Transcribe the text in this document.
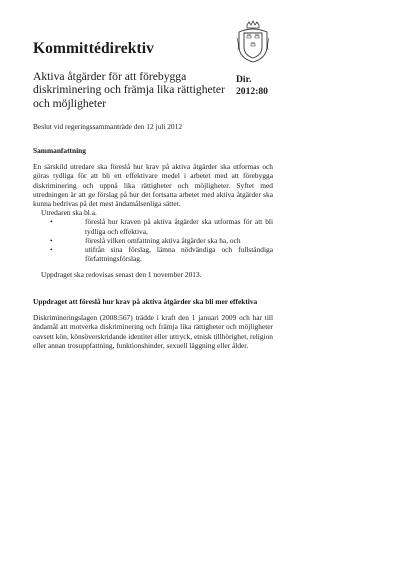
Kommittédirektiv
Aktiva åtgärder för att förebygga diskriminering och främja lika rättigheter och möjligheter
Dir.
2012:80
Beslut vid regeringssammanträde den 12 juli 2012
Sammanfattning

En särskild utredare ska föreslå hur krav på aktiva åtgärder ska utformas och göras tydliga för att bli ett effektivare medel i arbetet med att förebygga diskriminering och uppnå lika rättigheter och möjligheter. Syftet med utredningen är att ge förslag på hur det fortsatta arbetet med aktiva åtgärder ska kunna bedrivas på det mest ändamålsenliga sättet.

Utredaren ska bl.a.

•	föreslå hur kraven på aktiva åtgärder ska utformas för att bli tydliga och effektiva,
•	föreslå vilken omfattning aktiva åtgärder ska ha, och
•	utifrån sina förslag, lämna nödvändiga och fullständiga författningsförslag.

Uppdraget ska redovisas senast den 1 november 2013.

Uppdraget att föreslå hur krav på aktiva åtgärder ska bli mer effektiva

Diskrimineringslagen (2008:567) trädde i kraft den 1 januari 2009 och har till ändamål att motverka diskriminering och främja lika rättigheter och möjligheter oavsett kön, könsöverskridande identitet eller uttryck, etnisk tillhörighet, religion eller annan trosuppfattning, funktionshinder, sexuell läggning eller ålder.
